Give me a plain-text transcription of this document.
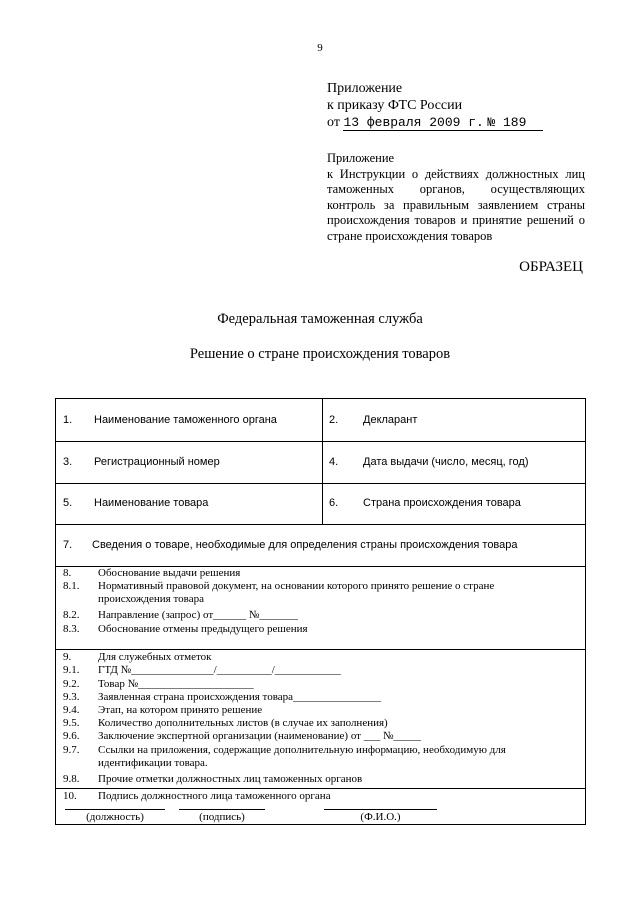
9
Приложение
к приказу ФТС России
от 13 февраля 2009 г. № 189
Приложение
к Инструкции о действиях должностных лиц
таможенных органов, осуществляющих
контроль за правильным заявлением страны
происхождения товаров и принятие решений о
стране происхождения товаров
ОБРАЗЕЦ
Федеральная таможенная служба
Решение о стране происхождения товаров
1. Наименование таможенного органа	2. Декларант
3. Регистрационный номер	4. Дата выдачи (число, месяц, год)
5. Наименование товара	6. Страна происхождения товара
7. Сведения о товаре, необходимые для определения страны происхождения товара
8. Обоснование выдачи решения
8.1. Нормативный правовой документ, на основании которого принято решение о стране
происхождения товара
8.2. Направление (запрос) от______ №_______
8.3. Обоснование отмены предыдущего решения
9. Для служебных отметок
9.1. ГТД №_______________/__________/____________
9.2. Товар №_____________________
9.3. Заявленная страна происхождения товара________________
9.4. Этап, на котором принято решение
9.5. Количество дополнительных листов (в случае их заполнения)
9.6. Заключение экспертной организации (наименование) от ___ №_____
9.7. Ссылки на приложения, содержащие дополнительную информацию, необходимую для
идентификации товара.
9.8. Прочие отметки должностных лиц таможенных органов
10. Подпись должностного лица таможенного органа
(должность)	(подпись)	(Ф.И.О.)
